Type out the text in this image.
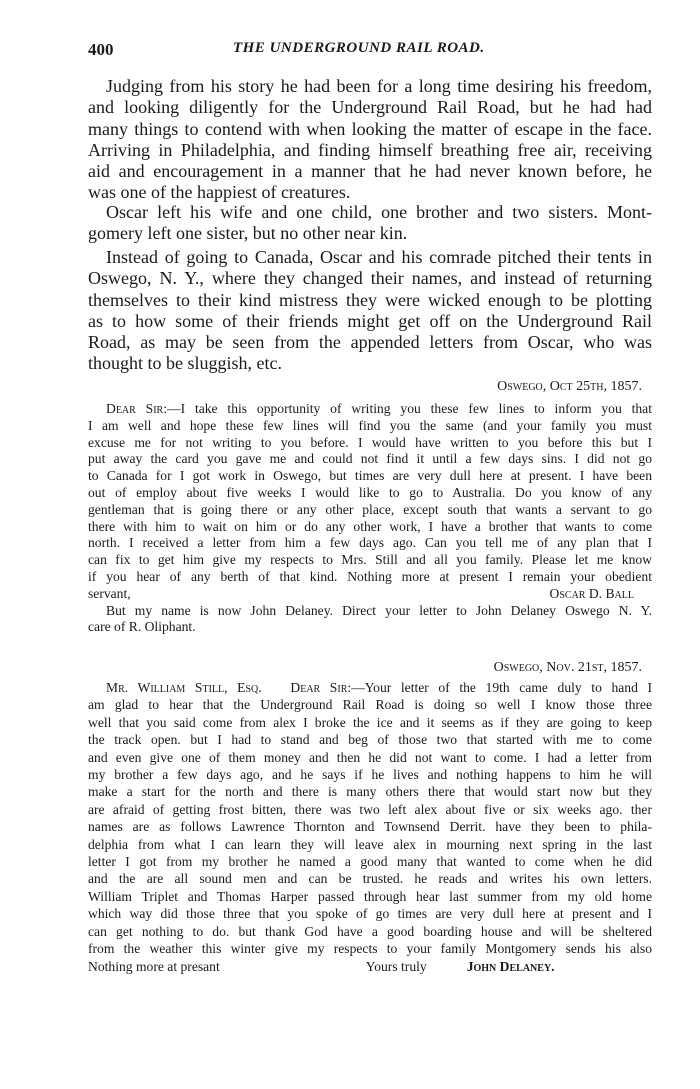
400	THE UNDERGROUND RAIL ROAD.
Judging from his story he had been for a long time desiring his freedom,
and looking diligently for the Underground Rail Road, but he had had
many things to contend with when looking the matter of escape in the face.
Arriving in Philadelphia, and finding himself breathing free air, receiving
aid and encouragement in a manner that he had never known before, he
was one of the happiest of creatures.
Oscar left his wife and one child, one brother and two sisters. Mont-
gomery left one sister, but no other near kin.
Instead of going to Canada, Oscar and his comrade pitched their tents in
Oswego, N. Y., where they changed their names, and instead of returning
themselves to their kind mistress they were wicked enough to be plotting
as to how some of their friends might get off on the Underground Rail
Road, as may be seen from the appended letters from Oscar, who was
thought to be sluggish, etc.
Oswego, Oct 25th, 1857.
Dear Sir:—I take this opportunity of writing you these few lines to inform you that
I am well and hope these few lines will find you the same (and your family you must
excuse me for not writing to you before. I would have written to you before this but I
put away the card you gave me and could not find it until a few days sins. I did not go
to Canada for I got work in Oswego, but times are very dull here at present. I have been
out of employ about five weeks I would like to go to Australia. Do you know of any
gentleman that is going there or any other place, except south that wants a servant to go
there with him to wait on him or do any other work, I have a brother that wants to come
north. I received a letter from him a few days ago. Can you tell me of any plan that I
can fix to get him give my respects to Mrs. Still and all you family. Please let me know
if you hear of any berth of that kind. Nothing more at present I remain your obedient
servant,	Oscar D. Ball
But my name is now John Delaney. Direct your letter to John Delaney Oswego N. Y.
care of R. Oliphant.
Oswego, Nov. 21st, 1857.
Mr. William Still, Esq. Dear Sir:—Your letter of the 19th came duly to hand I
am glad to hear that the Underground Rail Road is doing so well I know those three
well that you said come from alex I broke the ice and it seems as if they are going to keep
the track open. but I had to stand and beg of those two that started with me to come
and even give one of them money and then he did not want to come. I had a letter from
my brother a few days ago, and he says if he lives and nothing happens to him he will
make a start for the north and there is many others there that would start now but they
are afraid of getting frost bitten, there was two left alex about five or six weeks ago. ther
names are as follows Lawrence Thornton and Townsend Derrit. have they been to phila-
delphia from what I can learn they will leave alex in mourning next spring in the last
letter I got from my brother he named a good many that wanted to come when he did
and the are all sound men and can be trusted. he reads and writes his own letters.
William Triplet and Thomas Harper passed through hear last summer from my old home
which way did those three that you spoke of go times are very dull here at present and I
can get nothing to do. but thank God have a good boarding house and will be sheltered
from the weather this winter give my respects to your family Montgomery sends his also
Nothing more at presant	Yours truly	John Delaney.
